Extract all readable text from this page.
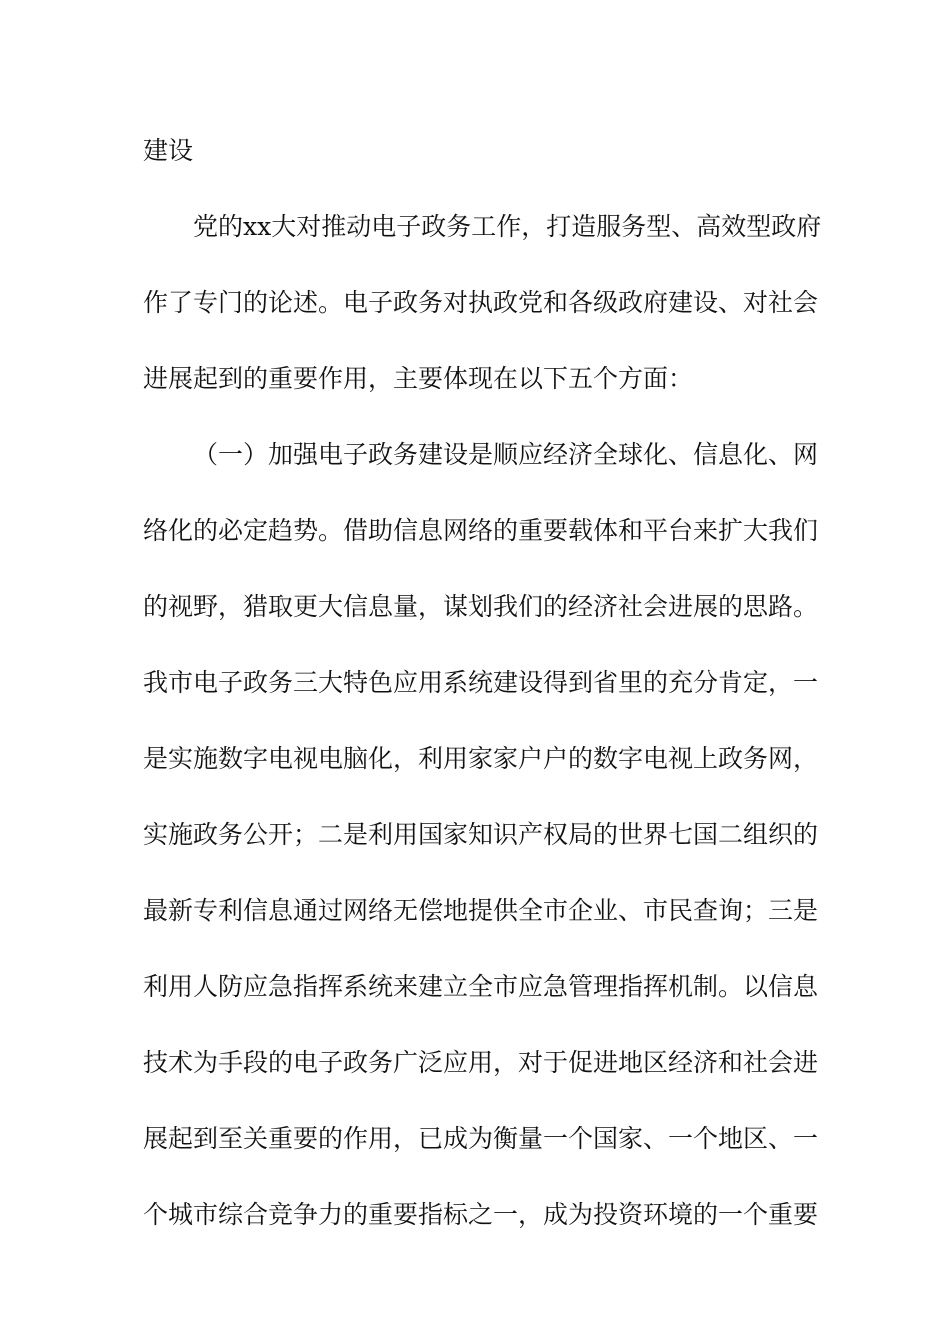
建设
党的xx大对推动电子政务工作，打造服务型、高效型政府
作了专门的论述。电子政务对执政党和各级政府建设、对社会
进展起到的重要作用，主要体现在以下五个方面：
（一）加强电子政务建设是顺应经济全球化、信息化、网
络化的必定趋势。借助信息网络的重要载体和平台来扩大我们
的视野，猎取更大信息量，谋划我们的经济社会进展的思路。
我市电子政务三大特色应用系统建设得到省里的充分肯定，一
是实施数字电视电脑化，利用家家户户的数字电视上政务网，
实施政务公开；二是利用国家知识产权局的世界七国二组织的
最新专利信息通过网络无偿地提供全市企业、市民查询；三是
利用人防应急指挥系统来建立全市应急管理指挥机制。以信息
技术为手段的电子政务广泛应用，对于促进地区经济和社会进
展起到至关重要的作用，已成为衡量一个国家、一个地区、一
个城市综合竞争力的重要指标之一，成为投资环境的一个重要
